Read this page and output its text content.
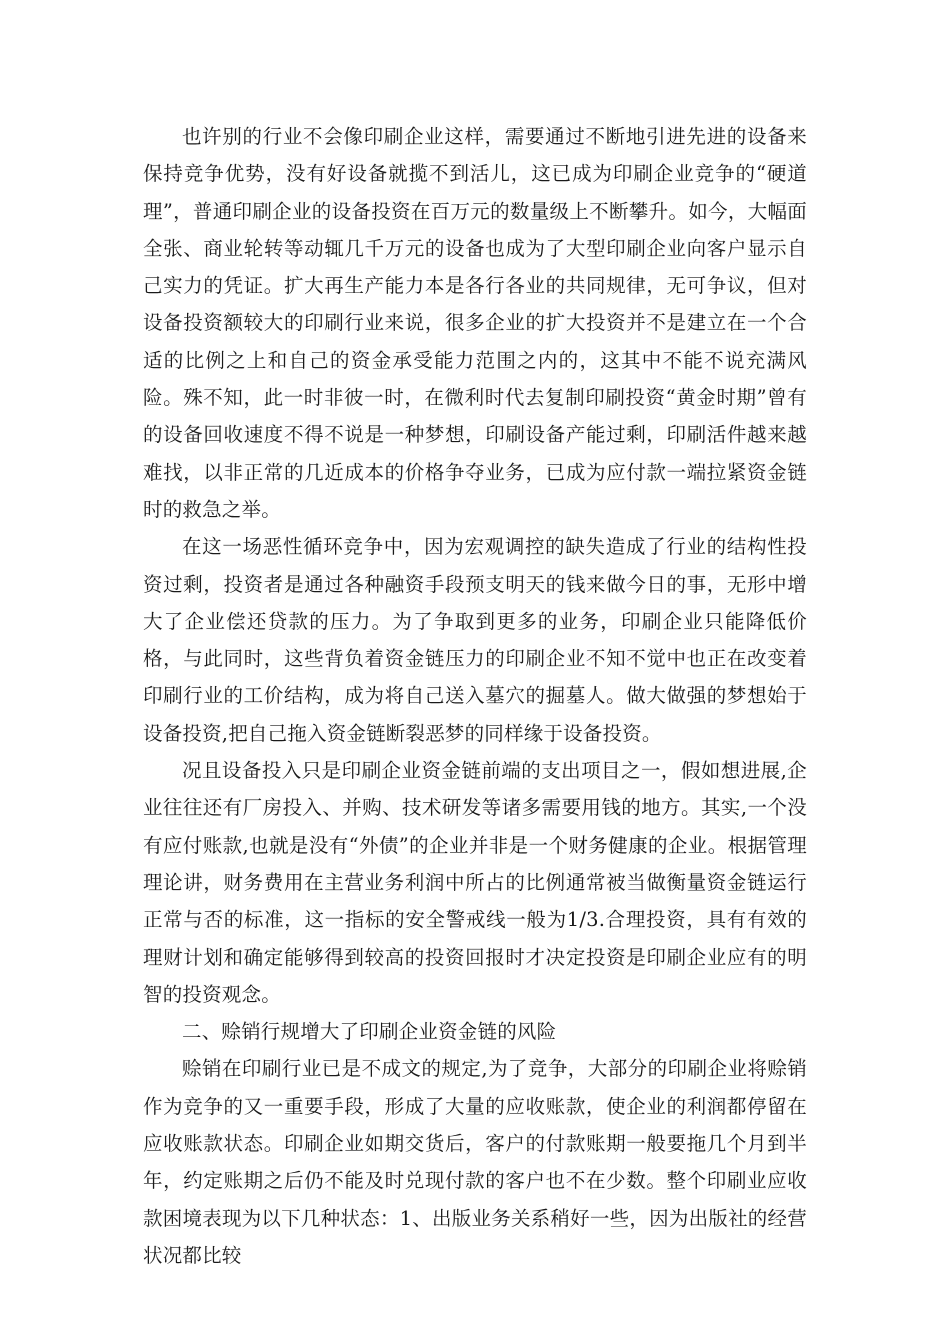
也许别的行业不会像印刷企业这样，需要通过不断地引进先进的设备来保持竞争优势，没有好设备就揽不到活儿，这已成为印刷企业竞争的“硬道理”，普通印刷企业的设备投资在百万元的数量级上不断攀升。如今，大幅面全张、商业轮转等动辄几千万元的设备也成为了大型印刷企业向客户显示自己实力的凭证。扩大再生产能力本是各行各业的共同规律，无可争议，但对设备投资额较大的印刷行业来说，很多企业的扩大投资并不是建立在一个合适的比例之上和自己的资金承受能力范围之内的，这其中不能不说充满风险。殊不知，此一时非彼一时，在微利时代去复制印刷投资“黄金时期”曾有的设备回收速度不得不说是一种梦想，印刷设备产能过剩，印刷活件越来越难找，以非正常的几近成本的价格争夺业务，已成为应付款一端拉紧资金链时的救急之举。

在这一场恶性循环竞争中，因为宏观调控的缺失造成了行业的结构性投资过剩，投资者是通过各种融资手段预支明天的钱来做今日的事，无形中增大了企业偿还贷款的压力。为了争取到更多的业务，印刷企业只能降低价格，与此同时，这些背负着资金链压力的印刷企业不知不觉中也正在改变着印刷行业的工价结构，成为将自己送入墓穴的掘墓人。做大做强的梦想始于设备投资,把自己拖入资金链断裂恶梦的同样缘于设备投资。

况且设备投入只是印刷企业资金链前端的支出项目之一，假如想进展,企业往往还有厂房投入、并购、技术研发等诸多需要用钱的地方。其实,一个没有应付账款,也就是没有“外债”的企业并非是一个财务健康的企业。根据管理理论讲，财务费用在主营业务利润中所占的比例通常被当做衡量资金链运行正常与否的标准，这一指标的安全警戒线一般为1/3.合理投资，具有有效的理财计划和确定能够得到较高的投资回报时才决定投资是印刷企业应有的明智的投资观念。

二、赊销行规增大了印刷企业资金链的风险

赊销在印刷行业已是不成文的规定,为了竞争，大部分的印刷企业将赊销作为竞争的又一重要手段，形成了大量的应收账款，使企业的利润都停留在应收账款状态。印刷企业如期交货后，客户的付款账期一般要拖几个月到半年，约定账期之后仍不能及时兑现付款的客户也不在少数。整个印刷业应收款困境表现为以下几种状态：1、出版业务关系稍好一些，因为出版社的经营状况都比较
